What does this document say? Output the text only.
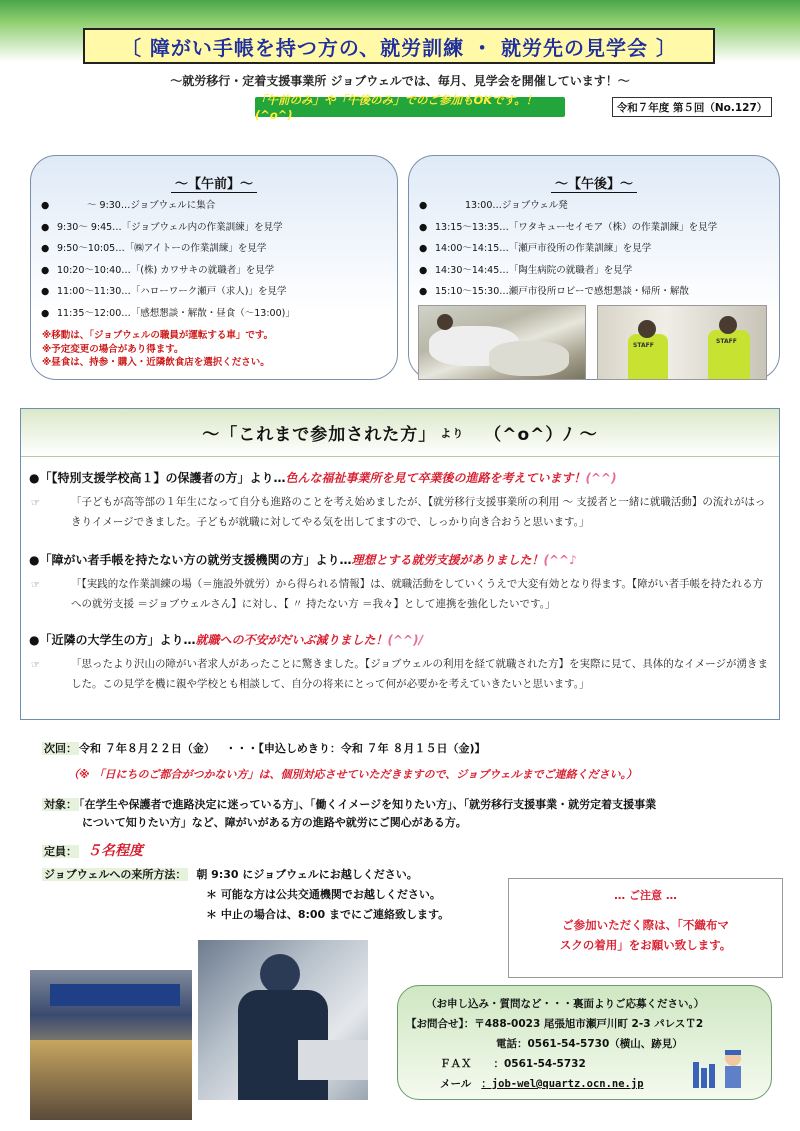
〔 障がい手帳を持つ方の、就労訓練 ・ 就労先の見学会 〕
～就労移行・定着支援事業所 ジョブウェルでは、毎月、見学会を開催しています！～
「午前のみ」や「午後のみ」でのご参加もOKです。！(^o^)
令和７年度 第５回（No.127）
～【午前】～
●	～ 9:30…ジョブウェルに集合
● 9:30～ 9:45…「ジョブウェル内の作業訓練」を見学
● 9:50～10:05…「㈱アイトーの作業訓練」を見学
● 10:20～10:40…「(株) カワサキの就職者」を見学
● 11:00～11:30…「ハローワーク瀬戸（求人)」を見学
● 11:35～12:00…「感想懇談・解散・昼食（～13:00)」
※移動は、「ジョブウェルの職員が運転する車」です。
※予定変更の場合があり得ます。
※昼食は、持参・購入・近隣飲食店を選択ください。
～【午後】～
●	13:00…ジョブウェル発
● 13:15～13:35…「ワタキューセイモア（株）の作業訓練」を見学
● 14:00～14:15…「瀬戸市役所の作業訓練」を見学
● 14:30～14:45…「陶生病院の就職者」を見学
● 15:10～15:30…瀬戸市役所ロビーで感想懇談・帰所・解散
STAFF
STAFF
～「これまで参加された方」 より （^o^）ﾉ ～
●「【特別支援学校高１】の保護者の方」より…色んな福祉事業所を見て卒業後の進路を考えています！(^^)
☞	「子どもが高等部の１年生になって自分も進路のことを考え始めましたが、【就労移行支援事業所の利用 ～ 支援者と一緒に就職活動】の流れがはっきりイメージできました。子どもが就職に対してやる気を出してますので、しっかり向き合おうと思います。」
●「障がい者手帳を持たない方の就労支援機関の方」より…理想とする就労支援がありました！(^^♪
☞	「【実践的な作業訓練の場（＝施設外就労）から得られる情報】は、就職活動をしていくうえで大変有効となり得ます。【障がい者手帳を持たれる方への就労支援 ＝ジョブウェルさん】に対し、【 〃 持たない方 ＝我々】として連携を強化したいです。」
●「近隣の大学生の方」より…就職への不安がだいぶ減りました！(^^)/
☞	「思ったより沢山の障がい者求人があったことに驚きました。【ジョブウェルの利用を経て就職された方】を実際に見て、具体的なイメージが湧きました。この見学を機に親や学校とも相談して、自分の将来にとって何が必要かを考えていきたいと思います。」
次回： 令和 ７年８月２２日（金） ・・・【申込しめきり：令和 ７年 ８月１５日（金)】
（※ 「日にちのご都合がつかない方」は、個別対応させていただきますので、ジョブウェルまでご連絡ください。）
対象： 「在学生や保護者で進路決定に迷っている方」、「働くイメージを知りたい方」、「就労移行支援事業・就労定着支援事業
について知りたい方」など、障がいがある方の進路や就労にご関心がある方。
定員： ５名程度
ジョブウェルへの来所方法： 朝 9:30 にジョブウェルにお越しください。
＊ 可能な方は公共交通機関でお越しください。
＊ 中止の場合は、8:00 までにご連絡致します。
… ご注意 …
ご参加いただく際は、「不織布マ
スクの着用」をお願い致します。
（お申し込み・質問など・・・裏面よりご応募ください。）
【お問合せ】：〒488-0023 尾張旭市瀬戸川町 2-3 パレスＴ2
電話：0561-54-5730（横山、跡見）
ＦＡＸ ：0561-54-5732
メール ：job-wel@quartz.ocn.ne.jp
